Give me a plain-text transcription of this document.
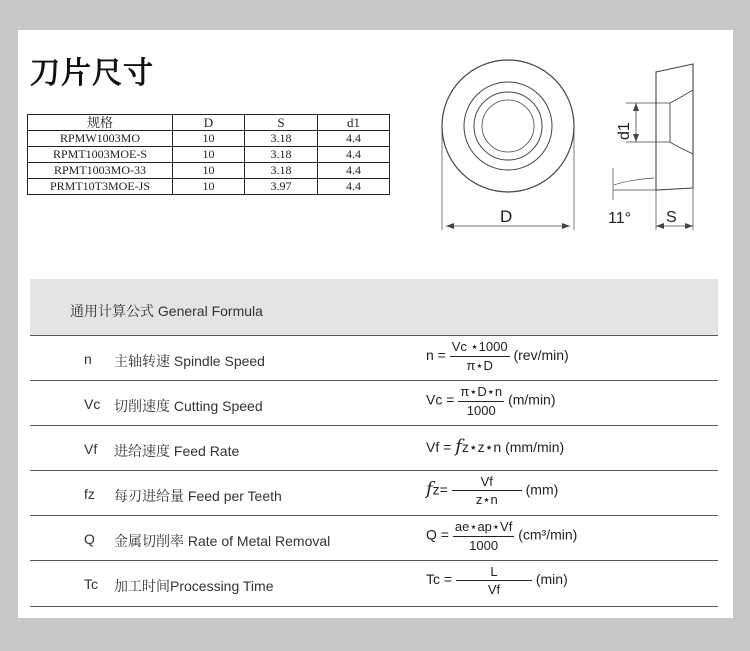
刀片尺寸
规格	D	S	d1
RPMW1003MO	10	3.18	4.4
RPMT1003MOE-S	10	3.18	4.4
RPMT1003MO-33	10	3.18	4.4
PRMT10T3MOE-JS	10	3.97	4.4
D
d1
11° S
通用计算公式 General Formula
n 主轴转速 Spindle Speed	$n = \frac{Vc ⋆1000}{\pi⋆D} (rev/\min)$
Vc 切削速度 Cutting Speed	$Vc = \frac{\pi⋆D⋆n}{1000} (m/\min)$
Vf 进给速度 Feed Rate	Vf = fz⋆z⋆n (mm/min)
fz 每刃进给量 Feed per Teeth	$fz= \frac{Vf}{z⋆n} (mm)$
Q 金属切削率 Rate of Metal Removal	$Q = \frac{ae⋆ap⋆Vf}{1000} (cm^3/\min)$
Tc 加工时间Processing Time	$Tc = \frac{L}{Vf} (\min)$
